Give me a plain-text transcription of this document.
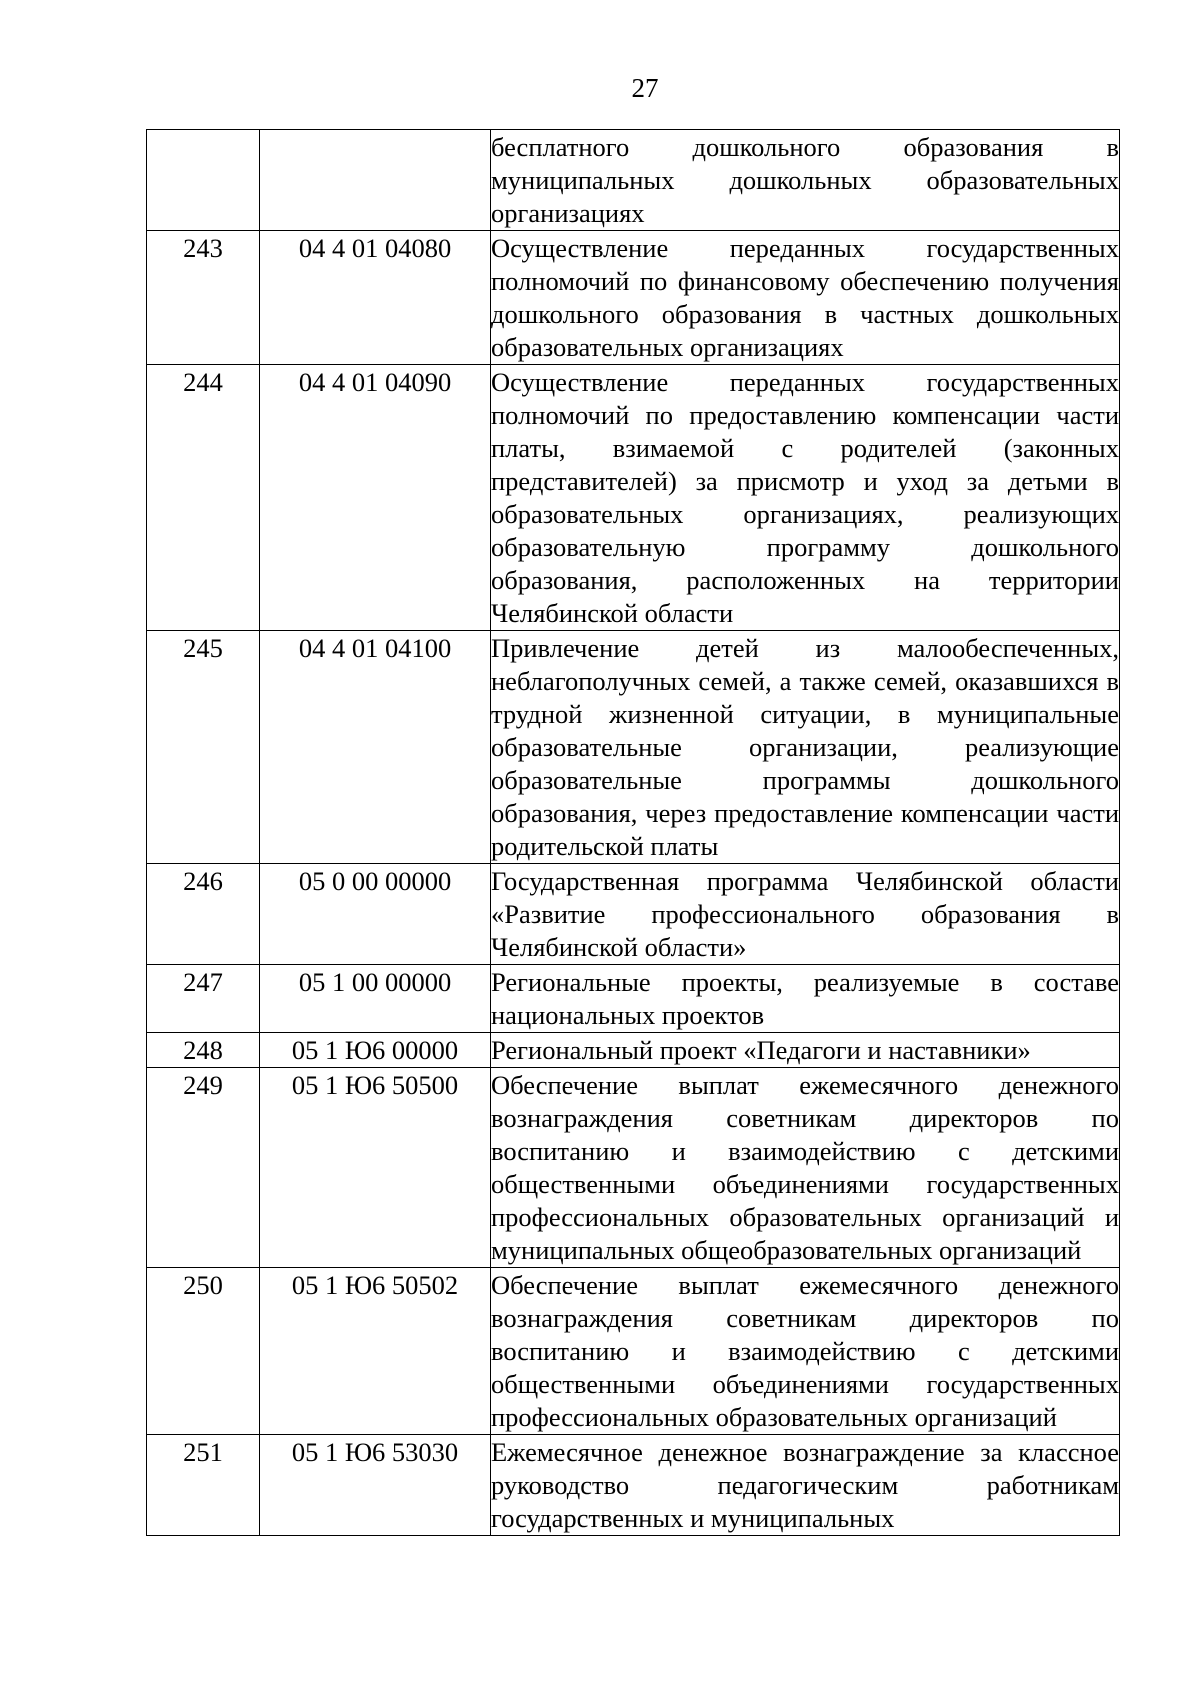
27
		бесплатного дошкольного образования в муниципальных дошкольных образовательных организациях
243	04 4 01 04080	Осуществление переданных государственных полномочий по финансовому обеспечению получения дошкольного образования в частных дошкольных образовательных организациях
244	04 4 01 04090	Осуществление переданных государственных полномочий по предоставлению компенсации части платы, взимаемой с родителей (законных представителей) за присмотр и уход за детьми в образовательных организациях, реализующих образовательную программу дошкольного образования, расположенных на территории Челябинской области
245	04 4 01 04100	Привлечение детей из малообеспеченных, неблагополучных семей, а также семей, оказавшихся в трудной жизненной ситуации, в муниципальные образовательные организации, реализующие образовательные программы дошкольного образования, через предоставление компенсации части родительской платы
246	05 0 00 00000	Государственная программа Челябинской области «Развитие профессионального образования в Челябинской области»
247	05 1 00 00000	Региональные проекты, реализуемые в составе национальных проектов
248	05 1 Ю6 00000	Региональный проект «Педагоги и наставники»
249	05 1 Ю6 50500	Обеспечение выплат ежемесячного денежного вознаграждения советникам директоров по воспитанию и взаимодействию с детскими общественными объединениями государственных профессиональных образовательных организаций и муниципальных общеобразовательных организаций
250	05 1 Ю6 50502	Обеспечение выплат ежемесячного денежного вознаграждения советникам директоров по воспитанию и взаимодействию с детскими общественными объединениями государственных профессиональных образовательных организаций
251	05 1 Ю6 53030	Ежемесячное денежное вознаграждение за классное руководство педагогическим работникам государственных и муниципальных
